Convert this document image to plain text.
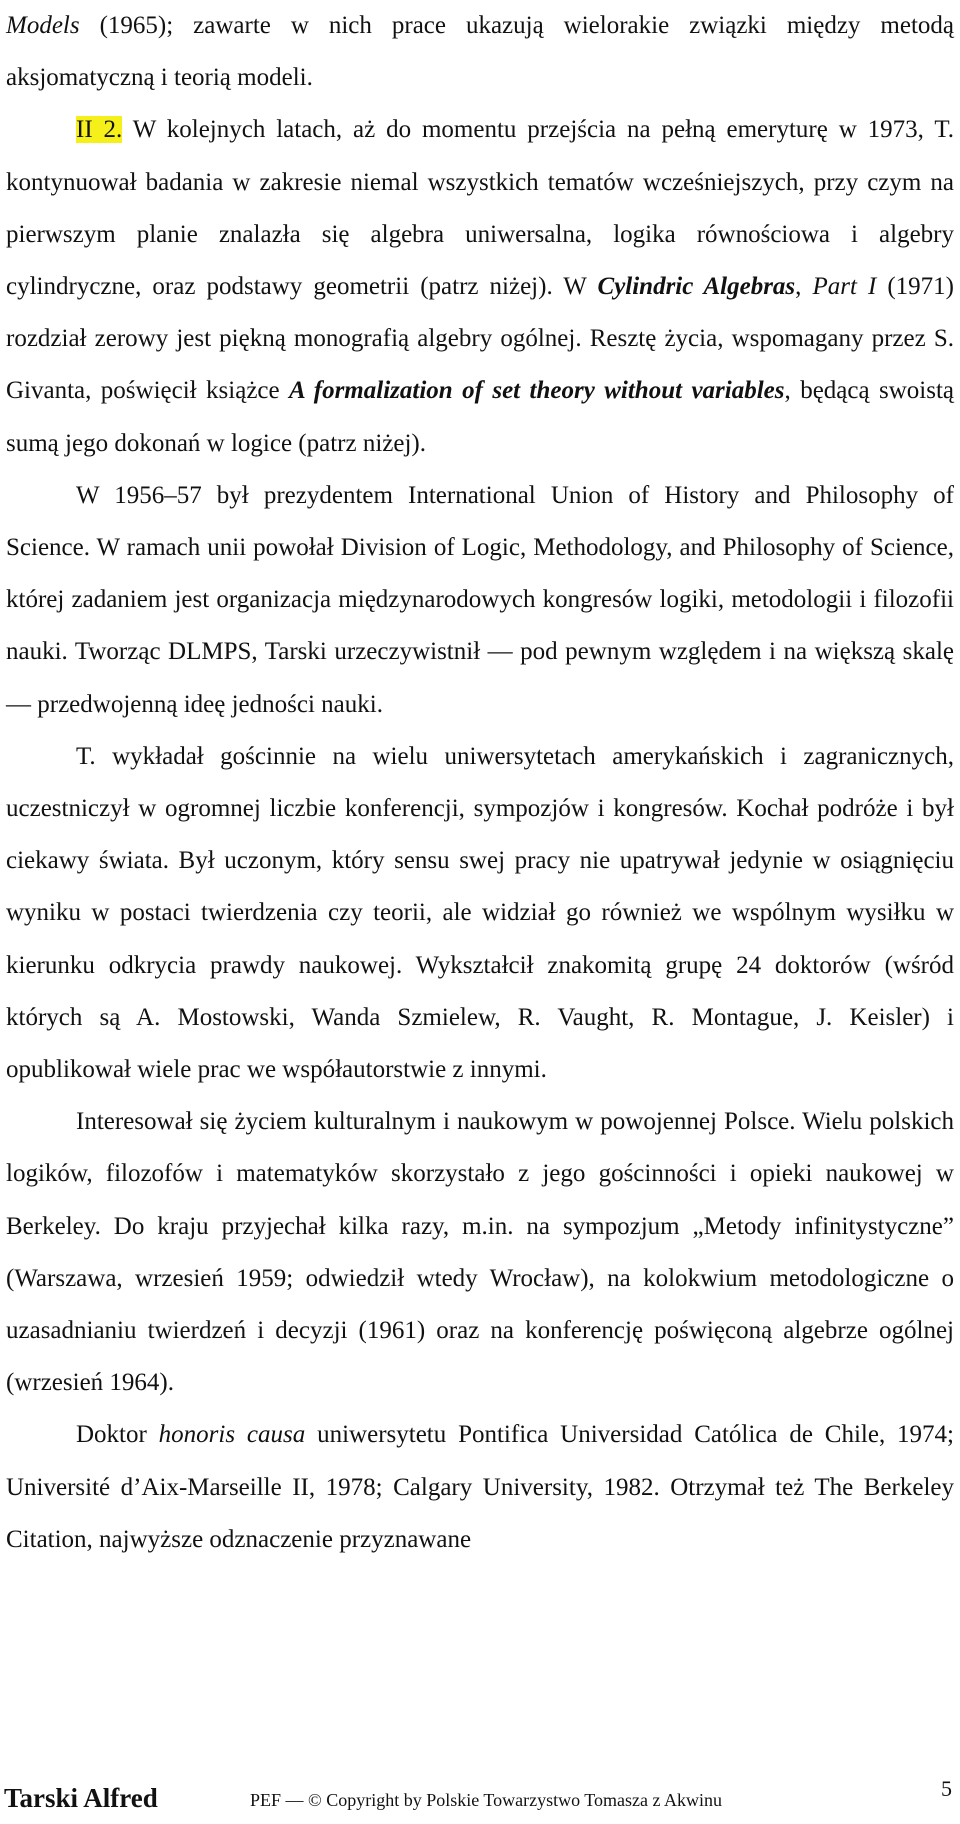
Models (1965); zawarte w nich prace ukazują wielorakie związki między metodą aksjomatyczną i teorią modeli.

II 2. W kolejnych latach, aż do momentu przejścia na pełną emeryturę w 1973, T. kontynuował badania w zakresie niemal wszystkich tematów wcześniejszych, przy czym na pierwszym planie znalazła się algebra uniwersalna, logika równościowa i algebry cylindryczne, oraz podstawy geometrii (patrz niżej). W Cylindric Algebras, Part I (1971) rozdział zerowy jest piękną monografią algebry ogólnej. Resztę życia, wspomagany przez S. Givanta, poświęcił książce A formalization of set theory without variables, będącą swoistą sumą jego dokonań w logice (patrz niżej).

W 1956–57 był prezydentem International Union of History and Philosophy of Science. W ramach unii powołał Division of Logic, Methodology, and Philosophy of Science, której zadaniem jest organizacja międzynarodowych kongresów logiki, metodologii i filozofii nauki. Tworząc DLMPS, Tarski urzeczywistnił — pod pewnym względem i na większą skalę — przedwojenną ideę jedności nauki.

T. wykładał gościnnie na wielu uniwersytetach amerykańskich i zagranicznych, uczestniczył w ogromnej liczbie konferencji, sympozjów i kongresów. Kochał podróże i był ciekawy świata. Był uczonym, który sensu swej pracy nie upatrywał jedynie w osiągnięciu wyniku w postaci twierdzenia czy teorii, ale widział go również we wspólnym wysiłku w kierunku odkrycia prawdy naukowej. Wykształcił znakomitą grupę 24 doktorów (wśród których są A. Mostowski, Wanda Szmielew, R. Vaught, R. Montague, J. Keisler) i opublikował wiele prac we współautorstwie z innymi.

Interesował się życiem kulturalnym i naukowym w powojennej Polsce. Wielu polskich logików, filozofów i matematyków skorzystało z jego gościnności i opieki naukowej w Berkeley. Do kraju przyjechał kilka razy, m.in. na sympozjum „Metody infinitystyczne” (Warszawa, wrzesień 1959; odwiedził wtedy Wrocław), na kolokwium metodologiczne o uzasadnianiu twierdzeń i decyzji (1961) oraz na konferencję poświęconą algebrze ogólnej (wrzesień 1964).

Doktor honoris causa uniwersytetu Pontifica Universidad Católica de Chile, 1974; Université d’Aix-Marseille II, 1978; Calgary University, 1982. Otrzymał też The Berkeley Citation, najwyższe odznaczenie przyznawane

Tarski Alfred	PEF — © Copyright by Polskie Towarzystwo Tomasza z Akwinu	5
